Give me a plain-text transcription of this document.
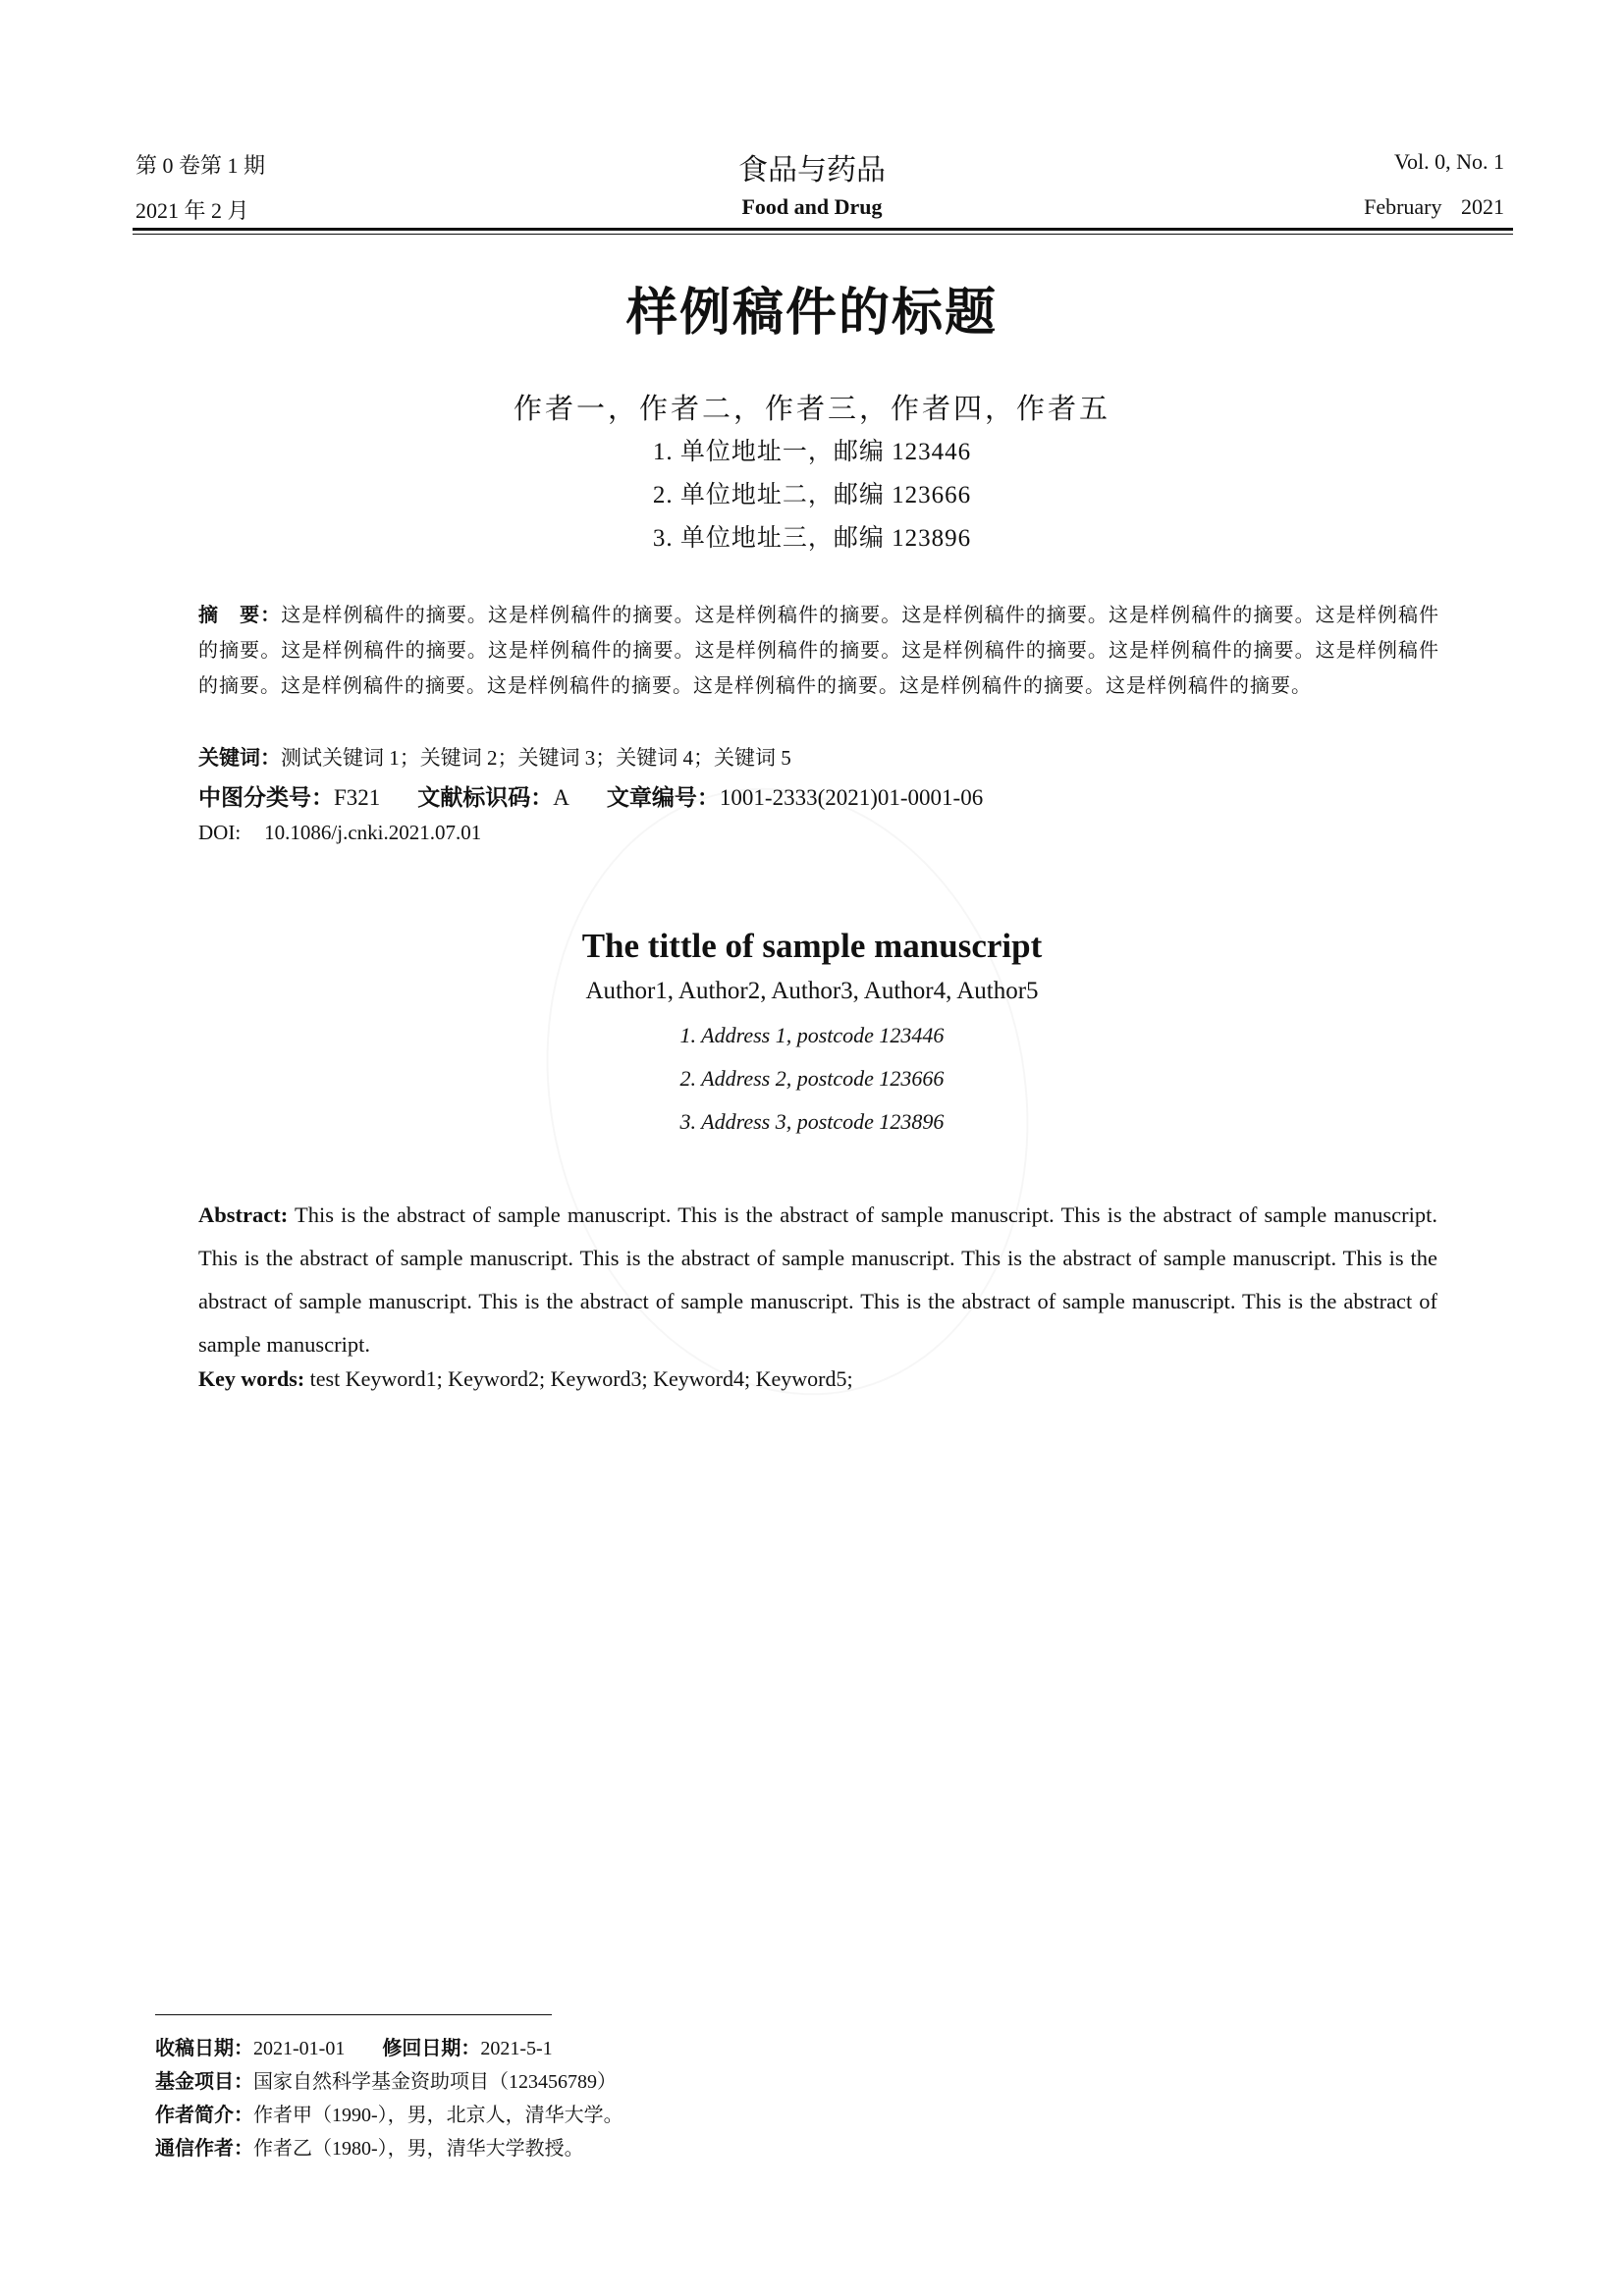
第 0 卷第 1 期	食品与药品	Vol. 0, No. 1
2021 年 2 月	Food and Drug	February 2021
样例稿件的标题
作者一，作者二，作者三，作者四，作者五
1. 单位地址一，邮编 123446
2. 单位地址二，邮编 123666
3. 单位地址三，邮编 123896
摘　要：这是样例稿件的摘要。这是样例稿件的摘要。这是样例稿件的摘要。这是样例稿件的摘要。这是样例稿件的摘要。这是样例稿件的摘要。这是样例稿件的摘要。这是样例稿件的摘要。这是样例稿件的摘要。这是样例稿件的摘要。这是样例稿件的摘要。这是样例稿件的摘要。这是样例稿件的摘要。这是样例稿件的摘要。这是样例稿件的摘要。这是样例稿件的摘要。这是样例稿件的摘要。
关键词：测试关键词 1；关键词 2；关键词 3；关键词 4；关键词 5
中图分类号：F321 文献标识码：A 文章编号：1001-2333(2021)01-0001-06
DOI: 10.1086/j.cnki.2021.07.01
The tittle of sample manuscript
Author1, Author2, Author3, Author4, Author5
1. Address 1, postcode 123446
2. Address 2, postcode 123666
3. Address 3, postcode 123896
Abstract: This is the abstract of sample manuscript. This is the abstract of sample manuscript. This is the abstract of sample manuscript. This is the abstract of sample manuscript. This is the abstract of sample manuscript. This is the abstract of sample manuscript. This is the abstract of sample manuscript. This is the abstract of sample manuscript. This is the abstract of sample manuscript. This is the abstract of sample manuscript.
Key words: test Keyword1; Keyword2; Keyword3; Keyword4; Keyword5;
收稿日期：2021-01-01 修回日期：2021-5-1
基金项目：国家自然科学基金资助项目（123456789）
作者简介：作者甲（1990-），男，北京人，清华大学。
通信作者：作者乙（1980-），男，清华大学教授。
